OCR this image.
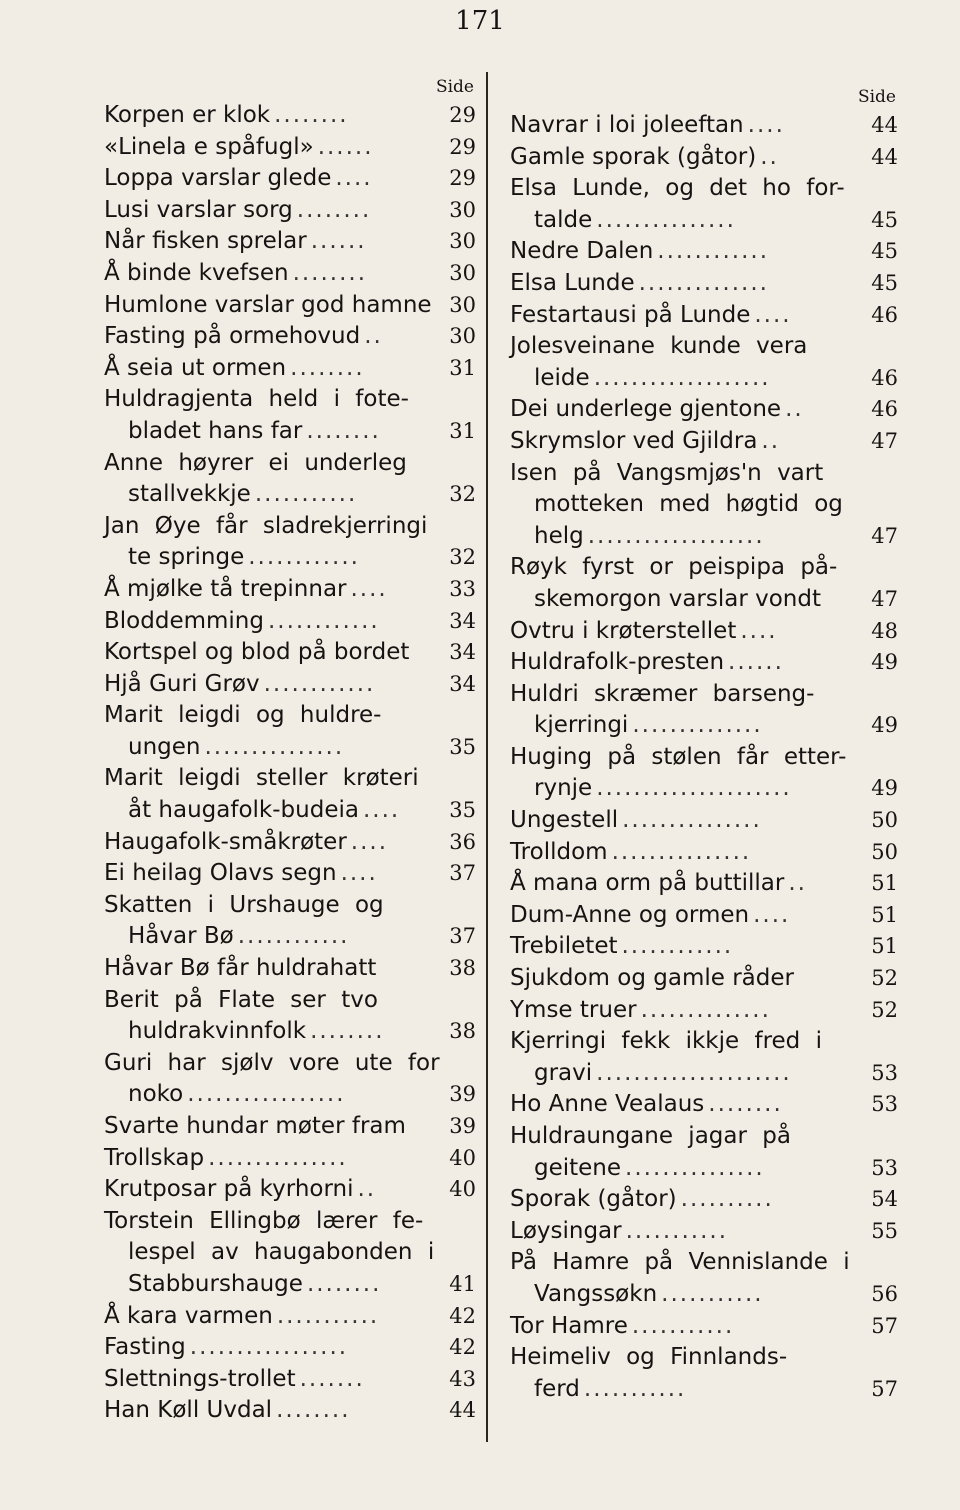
171
Side
Korpen er klok ........	29
«Linela e spåfugl» ......	29
Loppa varslar glede ....	29
Lusi varslar sorg ........	30
Når fisken sprelar ......	30
Å binde kvefsen ........	30
Humlone varslar god hamne 30
Fasting på ormehovud ..	30
Å seia ut ormen ........	31
Huldragjenta held i fote-
bladet hans far ........	31
Anne høyrer ei underleg
stallvekkje ...........	32
Jan Øye får sladrekjerringi
te springe ............	32
Å mjølke tå trepinnar ....	33
Bloddemming ............	34
Kortspel og blod på bordet 34
Hjå Guri Grøv ............	34
Marit leigdi og huldre-
ungen ...............	35
Marit leigdi steller krøteri
åt haugafolk-budeia .... 35
Haugafolk-småkrøter ....	36
Ei heilag Olavs segn ....	37
Skatten i Urshauge og
Håvar Bø ............	37
Håvar Bø får huldrahatt	38
Berit på Flate ser tvo
huldrakvinnfolk ........	38
Guri har sjølv vore ute for
noko .................	39
Svarte hundar møter fram 39
Trollskap ...............	40
Krutposar på kyrhorni ..	40
Torstein Ellingbø lærer fe-
lespel av haugabonden i
Stabburshauge ........	41
Å kara varmen ...........	42
Fasting .................	42
Slettnings-trollet .......	43
Han Køll Uvdal ........	44
Side
Navrar i loi joleeftan ....	44
Gamle sporak (gåtor) ..	44
Elsa Lunde, og det ho for-
talde ...............	45
Nedre Dalen ............	45
Elsa Lunde ..............	45
Festartausi på Lunde ....	46
Jolesveinane kunde vera
leide ...................	46
Dei underlege gjentone ..	46
Skrymslor ved Gjildra ..	47
Isen på Vangsmjøs'n vart
motteken med høgtid og
helg ...................	47
Røyk fyrst or peispipa på-
skemorgon varslar vondt 47
Ovtru i krøterstellet ....	48
Huldrafolk-presten ......	49
Huldri skræmer barseng-
kjerringi ..............	49
Huging på stølen får etter-
rynje .....................	49
Ungestell ...............	50
Trolldom ...............	50
Å mana orm på buttillar ..	51
Dum-Anne og ormen ....	51
Trebiletet ............	51
Sjukdom og gamle råder	52
Ymse truer ..............	52
Kjerringi fekk ikkje fred i
gravi .....................	53
Ho Anne Vealaus ........	53
Huldraungane jagar på
geitene ...............	53
Sporak (gåtor) ..........	54
Løysingar ...........	55
På Hamre på Vennislande i
Vangssøkn ...........	56
Tor Hamre ...........	57
Heimeliv og Finnlands-
ferd ...........	57
